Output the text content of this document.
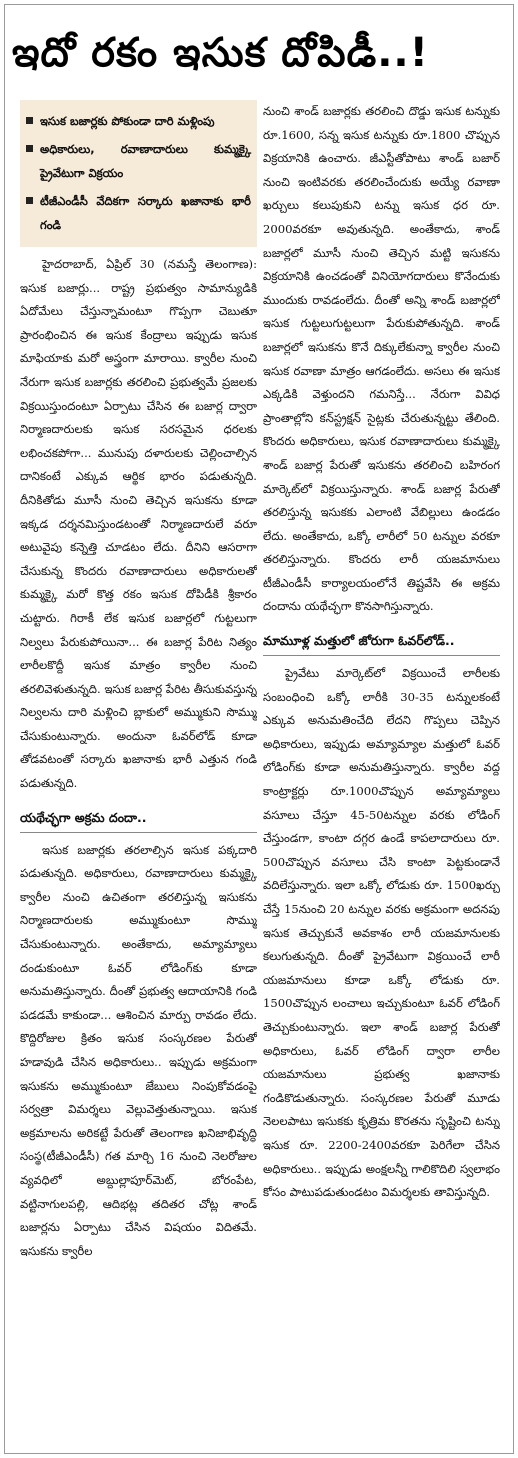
ఇదో రకం ఇసుక దోపిడీ..!
ఇసుక బజార్లకు పోకుండా దారి మళ్లింపు
అధికారులు, రవాణాదారులు కుమ్మక్కై ప్రైవేటుగా విక్రయం
టీజీఎండీసీ వేదికగా సర్కారు ఖజానాకు భారీ గండి

హైదరాబాద్, ఏప్రిల్ 30 (నమస్తే తెలంగాణ): ఇసుక బజార్లు... రాష్ట్ర ప్రభుత్వం సామాన్యుడికి ఏదోమేలు చేస్తున్నామంటూ గొప్పగా చెబుతూ ప్రారంభించిన ఈ ఇసుక కేంద్రాలు ఇప్పుడు ఇసుక మాఫియాకు మరో అస్త్రంగా మారాయి. క్వారీల నుంచి నేరుగా ఇసుక బజార్లకు తరలించి ప్రభుత్వమే ప్రజలకు విక్రయిస్తుందంటూ ఏర్పాటు చేసిన ఈ బజార్ల ద్వారా నిర్మాణదారులకు ఇసుక సరసమైన ధరలకు లభించకపోగా... మునుపు దళారులకు చెల్లించాల్సిన దానికంటే ఎక్కువ ఆర్థిక భారం పడుతున్నది. దీనికితోడు మూసీ నుంచి తెచ్చిన ఇసుకను కూడా ఇక్కడ దర్శనమిస్తుండటంతో నిర్మాణదారులే వరూ అటువైపు కన్నెత్తి చూడటం లేదు. దీనిని ఆసరాగా చేసుకున్న కొందరు రవాణాదారులు అధికారులతో కుమ్మక్కై మరో కొత్త రకం ఇసుక దోపిడీకి శ్రీకారం చుట్టారు. గిరాకీ లేక ఇసుక బజార్లలో గుట్టలుగా నిల్వలు పేరుకుపోయినా... ఈ బజార్ల పేరిట నిత్యం లారీలకొద్దీ ఇసుక మాత్రం క్వారీల నుంచి తరలివెళుతున్నది. ఇసుక బజార్ల పేరిట తీసుకువస్తున్న నిల్వలను దారి మళ్లించి బ్లాకులో అమ్ముకుని సొమ్ము చేసుకుంటున్నారు. అందునా ఓవర్‌లోడ్ కూడా తోడవటంతో సర్కారు ఖజానాకు భారీ ఎత్తున గండి పడుతున్నది.

యథేచ్ఛగా అక్రమ దందా..

ఇసుక బజార్లకు తరలాల్సిన ఇసుక పక్కదారి పడుతున్నది. అధికారులు, రవాణాదారులు కుమ్మక్కై క్వారీల నుంచి ఉచితంగా తరలిస్తున్న ఇసుకను నిర్మాణదారులకు అమ్ముకుంటూ సొమ్ము చేసుకుంటున్నారు. అంతేకాదు, అమ్యామ్యాలు దండుకుంటూ ఓవర్ లోడింగ్‌కు కూడా అనుమతిస్తున్నారు. దీంతో ప్రభుత్వ ఆదాయానికి గండి పడడమే కాకుండా... ఆశించిన మార్పు రావడం లేదు. కొద్దిరోజుల క్రితం ఇసుక సంస్కరణల పేరుతో హడావుడి చేసిన అధికారులు.. ఇప్పుడు అక్రమంగా ఇసుకను అమ్ముకుంటూ జేబులు నింపుకోవడంపై సర్వత్రా విమర్శలు వెల్లువెత్తుతున్నాయి. ఇసుక అక్రమాలను అరికట్టే పేరుతో తెలంగాణ ఖనిజాభివృద్ధి సంస్థ(టీజీఎండీసీ) గత మార్చి 16 నుంచి నెలరోజుల వ్యవధిలో అబ్దుల్లాపూర్‌మెట్, బోరంపేట, వట్టినాగులపల్లి, ఆదిభట్ల తదితర చోట్ల శాండ్ బజార్లను ఏర్పాటు చేసిన విషయం విదితమే. ఇసుకను క్వారీల

నుంచి శాండ్ బజార్లకు తరలించి దొడ్డు ఇసుక టన్నుకు రూ.1600, సన్న ఇసుక టన్నుకు రూ.1800 చొప్పున విక్రయానికి ఉంచారు. జీఎస్టీతోపాటు శాండ్ బజార్ నుంచి ఇంటివరకు తరలించేందుకు అయ్యే రవాణా ఖర్చులు కలుపుకుని టన్ను ఇసుక ధర రూ. 2000వరకూ అవుతున్నది. అంతేకాదు, శాండ్ బజార్లలో మూసీ నుంచి తెచ్చిన మట్టి ఇసుకను విక్రయానికి ఉంచడంతో వినియోగదారులు కొనేందుకు ముందుకు రావడంలేదు. దీంతో అన్ని శాండ్ బజార్లలో ఇసుక గుట్టలుగుట్టలుగా పేరుకుపోతున్నది. శాండ్ బజార్లలో ఇసుకను కొనే దిక్కులేకున్నా క్వారీల నుంచి ఇసుక రవాణా మాత్రం ఆగడంలేదు. అసలు ఈ ఇసుక ఎక్కడికి వెళ్తుందని గమనిస్తే... నేరుగా వివిధ ప్రాంతాల్లోని కన్‌స్ట్రక్షన్ సైట్లకు చేరుతున్నట్టు తేలింది. కొందరు అధికారులు, ఇసుక రవాణాదారులు కుమ్మక్కై శాండ్ బజార్ల పేరుతో ఇసుకను తరలించి బహిరంగ మార్కెట్‌లో విక్రయిస్తున్నారు. శాండ్ బజార్ల పేరుతో తరలిస్తున్న ఇసుకకు ఎలాంటి వేబిల్లులు ఉండడం లేదు. అంతేకాదు, ఒక్కో లారీలో 50 టన్నుల వరకూ తరలిస్తున్నారు. కొందరు లారీ యజమానులు టీజీఎండీసీ కార్యాలయంలోనే తిష్టవేసి ఈ అక్రమ దందాను యథేచ్ఛగా కొనసాగిస్తున్నారు.

మామూళ్ల మత్తులో జోరుగా ఓవర్‌లోడ్..

ప్రైవేటు మార్కెట్‌లో విక్రయించే లారీలకు సంబంధించి ఒక్కో లారీకి 30-35 టన్నులకంటే ఎక్కువ అనుమతించేది లేదని గొప్పలు చెప్పిన అధికారులు, ఇప్పుడు అమ్యామ్యాల మత్తులో ఓవర్ లోడింగ్‌కు కూడా అనుమతిస్తున్నారు. క్వారీల వద్ద కాంట్రాక్టర్లు రూ.1000చొప్పున అమ్యామ్యాలు వసూలు చేస్తూ 45-50టన్నుల వరకు లోడింగ్ చేస్తుండగా, కాంటా దగ్గర ఉండే కాపలాదారులు రూ. 500చొప్పున వసూలు చేసి కాంటా పెట్టకుండానే వదిలేస్తున్నారు. ఇలా ఒక్కో లోడుకు రూ. 1500ఖర్చు చేస్తే 15నుంచి 20 టన్నుల వరకు అక్రమంగా అదనపు ఇసుక తెచ్చుకునే అవకాశం లారీ యజమానులకు కలుగుతున్నది. దీంతో ప్రైవేటుగా విక్రయించే లారీ యజమానులు కూడా ఒక్కో లోడుకు రూ. 1500చొప్పున లంచాలు ఇచ్చుకుంటూ ఓవర్ లోడింగ్ తెచ్చుకుంటున్నారు. ఇలా శాండ్ బజార్ల పేరుతో అధికారులు, ఓవర్ లోడింగ్ ద్వారా లారీల యజమానులు ప్రభుత్వ ఖజానాకు గండికొడుతున్నారు. సంస్కరణల పేరుతో మూడు నెలలపాటు ఇసుకకు కృత్రిమ కొరతను సృష్టించి టన్ను ఇసుక రూ. 2200-2400వరకూ పెరిగేలా చేసిన అధికారులు.. ఇప్పుడు అంక్షలన్నీ గాలికొదిలి స్వలాభం కోసం పాటుపడుతుండటం విమర్శలకు తావిస్తున్నది.
